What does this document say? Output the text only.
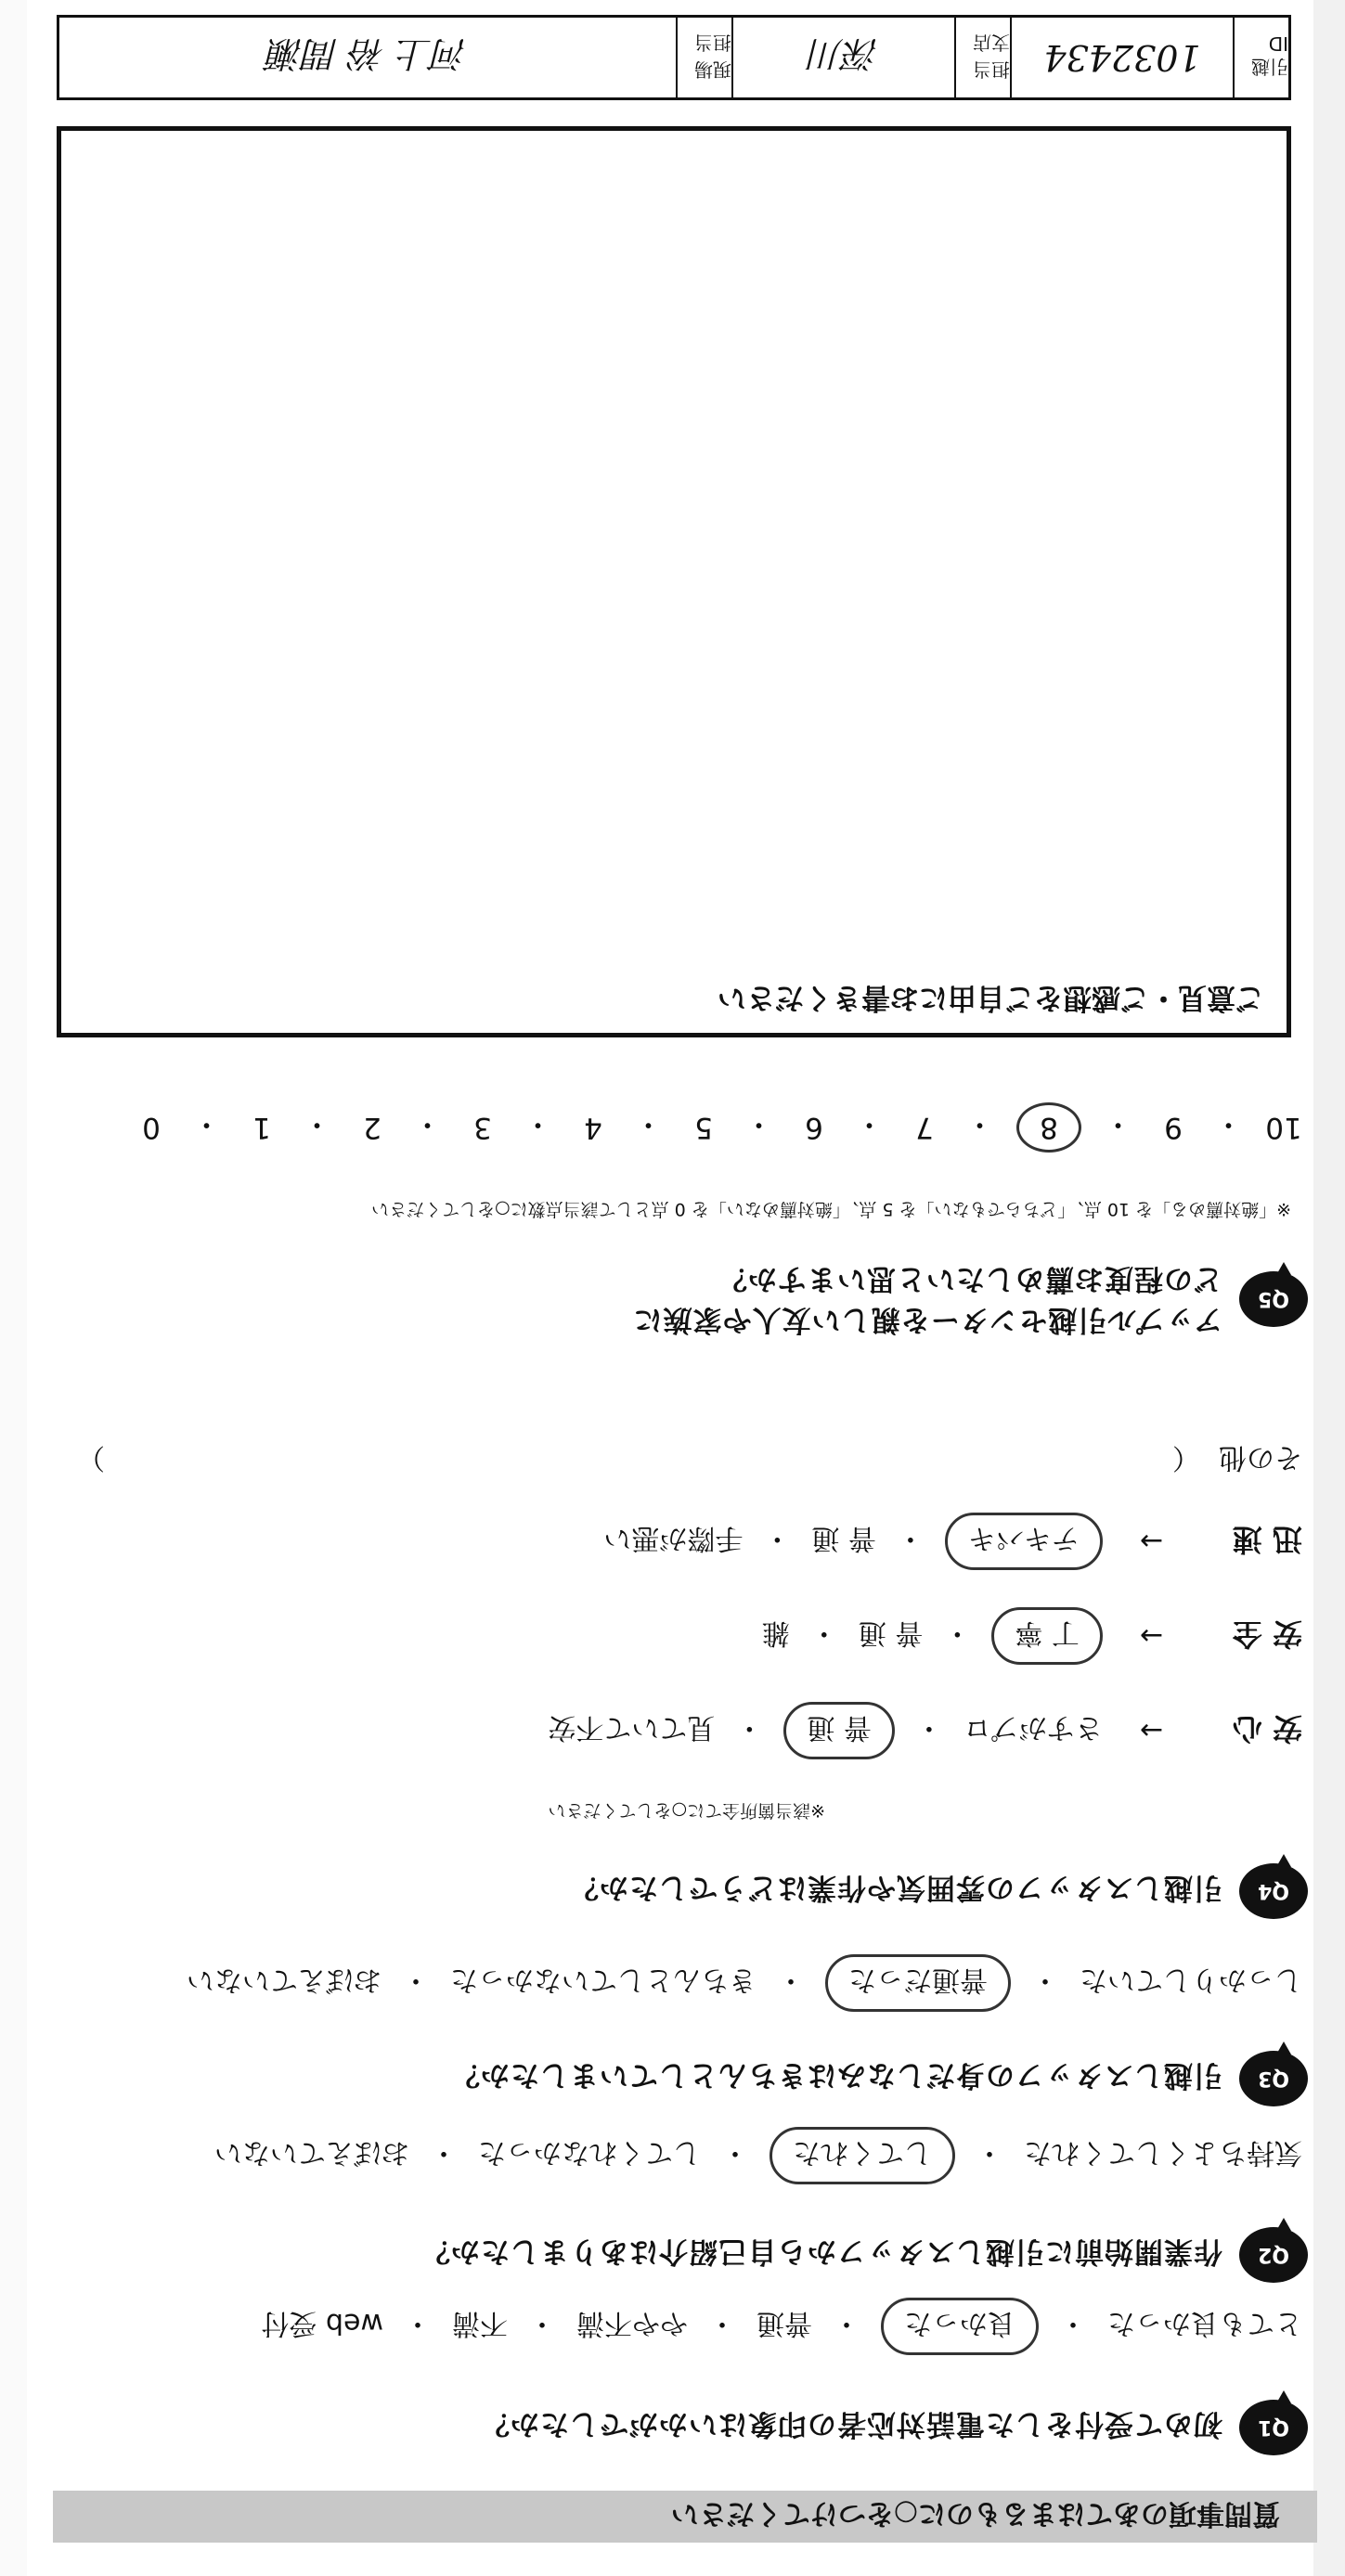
質問事項のあてはまるものに○をつけてください
Q1
初めて受付をした電話対応者の印象はいかがでしたか？
とても良かった
・
良かった
・
普通
・
やや不満
・
不満
・
web 受付
Q2
作業開始前に引越しスタッフから自己紹介はありましたか？
気持ちよくしてくれた
・
してくれた
・
してくれなかった
・
おぼえていない
Q3
引越しスタッフの身だしなみはきちんとしていましたか？
しっかりしていた
・
普通だった
・
きちんとしていなかった
・
おぼえていない
Q4
引越しスタッフの雰囲気や作業はどうでしたか？
※該当箇所全てに○をしてください
安 心
→
さすがプロ
・
普 通
・
見ていて不安
安 全
→
丁 寧
・
普 通
・
雑
迅 速
→
テキパキ
・
普 通
・
手際が悪い
その他
（
）
Q5
アップル引越センターを親しい友人や家族に
どの程度お薦めしたいと思いますか？
※「絶対薦める」を 10 点、「どちらでもない」を 5 点、「絶対薦めない」を 0 点として該当点数に○をしてください
10
・
9
・
8
・
7
・
6
・
5
・
4
・
3
・
2
・
1
・
0
ご意見・ご感想をご自由にお書きください
引越 ID
1032434
担当支店
深川
現場担当
河上 裕 間瀬
